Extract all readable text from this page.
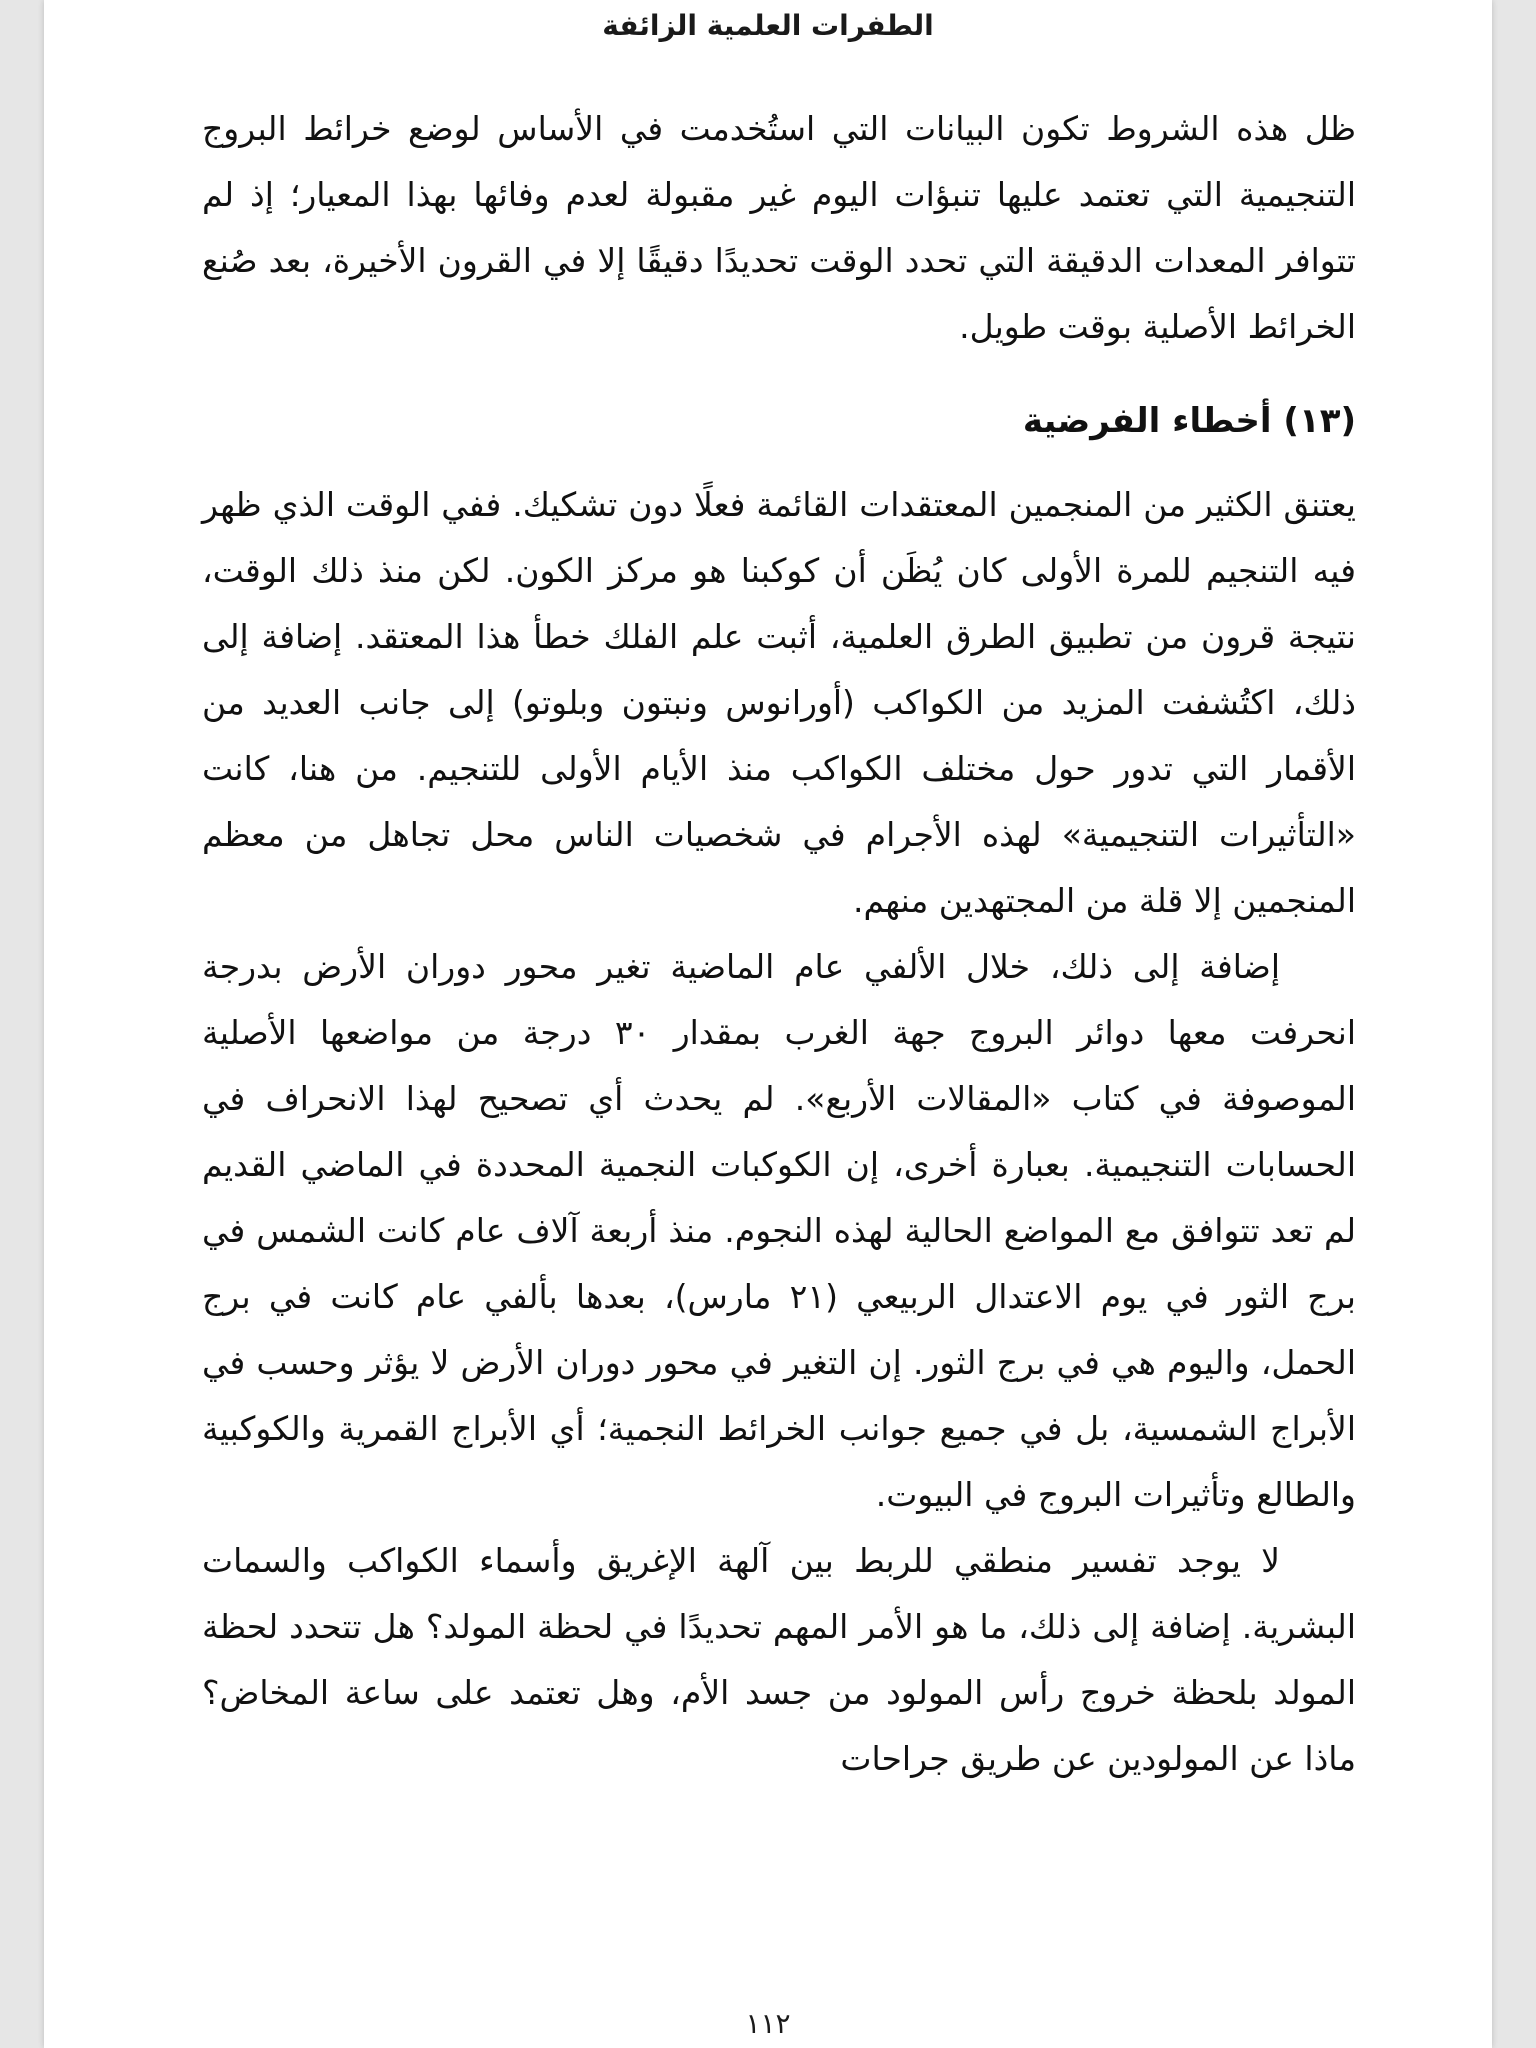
الطفرات العلمية الزائفة

ظل هذه الشروط تكون البيانات التي استُخدمت في الأساس لوضع خرائط البروج التنجيمية التي تعتمد عليها تنبؤات اليوم غير مقبولة لعدم وفائها بهذا المعيار؛ إذ لم تتوافر المعدات الدقيقة التي تحدد الوقت تحديدًا دقيقًا إلا في القرون الأخيرة، بعد صُنع الخرائط الأصلية بوقت طويل.

(١٣) أخطاء الفرضية

يعتنق الكثير من المنجمين المعتقدات القائمة فعلًا دون تشكيك. ففي الوقت الذي ظهر فيه التنجيم للمرة الأولى كان يُظَن أن كوكبنا هو مركز الكون. لكن منذ ذلك الوقت، نتيجة قرون من تطبيق الطرق العلمية، أثبت علم الفلك خطأ هذا المعتقد. إضافة إلى ذلك، اكتُشفت المزيد من الكواكب (أورانوس ونبتون وبلوتو) إلى جانب العديد من الأقمار التي تدور حول مختلف الكواكب منذ الأيام الأولى للتنجيم. من هنا، كانت «التأثيرات التنجيمية» لهذه الأجرام في شخصيات الناس محل تجاهل من معظم المنجمين إلا قلة من المجتهدين منهم.

إضافة إلى ذلك، خلال الألفي عام الماضية تغير محور دوران الأرض بدرجة انحرفت معها دوائر البروج جهة الغرب بمقدار ٣٠ درجة من مواضعها الأصلية الموصوفة في كتاب «المقالات الأربع». لم يحدث أي تصحيح لهذا الانحراف في الحسابات التنجيمية. بعبارة أخرى، إن الكوكبات النجمية المحددة في الماضي القديم لم تعد تتوافق مع المواضع الحالية لهذه النجوم. منذ أربعة آلاف عام كانت الشمس في برج الثور في يوم الاعتدال الربيعي (٢١ مارس)، بعدها بألفي عام كانت في برج الحمل، واليوم هي في برج الثور. إن التغير في محور دوران الأرض لا يؤثر وحسب في الأبراج الشمسية، بل في جميع جوانب الخرائط النجمية؛ أي الأبراج القمرية والكوكبية والطالع وتأثيرات البروج في البيوت.

لا يوجد تفسير منطقي للربط بين آلهة الإغريق وأسماء الكواكب والسمات البشرية. إضافة إلى ذلك، ما هو الأمر المهم تحديدًا في لحظة المولد؟ هل تتحدد لحظة المولد بلحظة خروج رأس المولود من جسد الأم، وهل تعتمد على ساعة المخاض؟ ماذا عن المولودين عن طريق جراحات

١١٢
